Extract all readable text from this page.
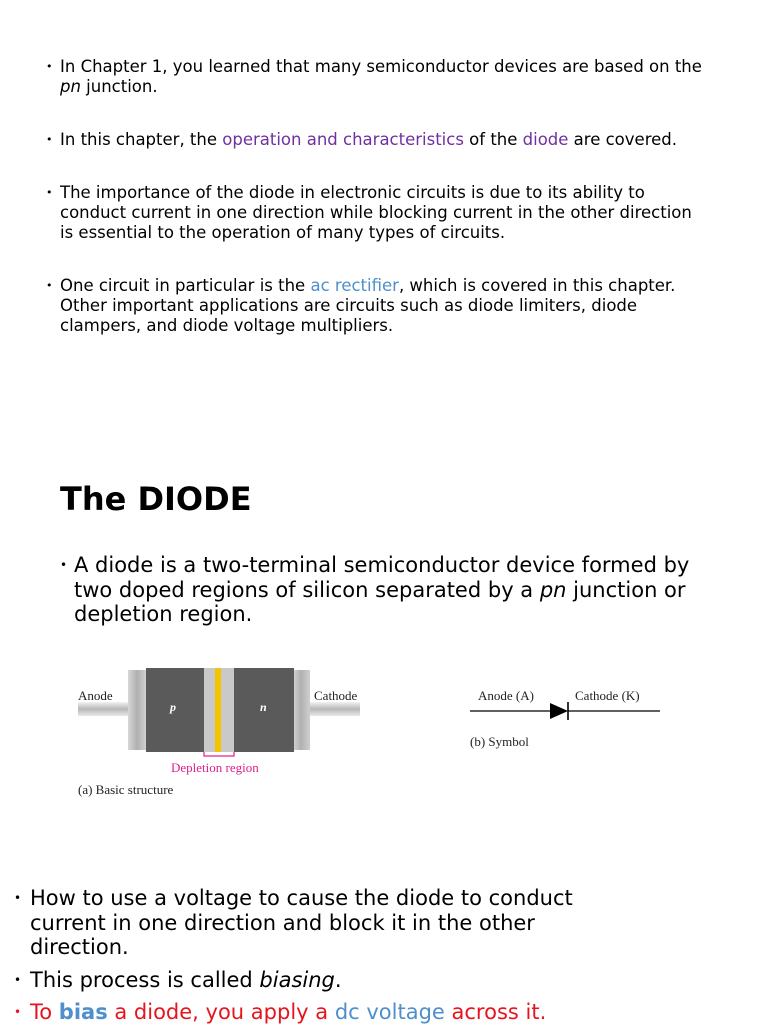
• In Chapter 1, you learned that many semiconductor devices are based on the pn junction.
• In this chapter, the operation and characteristics of the diode are covered.
• The importance of the diode in electronic circuits is due to its ability to conduct current in one direction while blocking current in the other direction is essential to the operation of many types of circuits.
• One circuit in particular is the ac rectifier, which is covered in this chapter. Other important applications are circuits such as diode limiters, diode clampers, and diode voltage multipliers.
The DIODE
• A diode is a two-terminal semiconductor device formed by two doped regions of silicon separated by a pn junction or depletion region.
Anode	Cathode
p	n
Depletion region
(a) Basic structure
Anode (A)	Cathode (K)
(b) Symbol
• How to use a voltage to cause the diode to conduct current in one direction and block it in the other direction.
• This process is called biasing.
• To bias a diode, you apply a dc voltage across it.
